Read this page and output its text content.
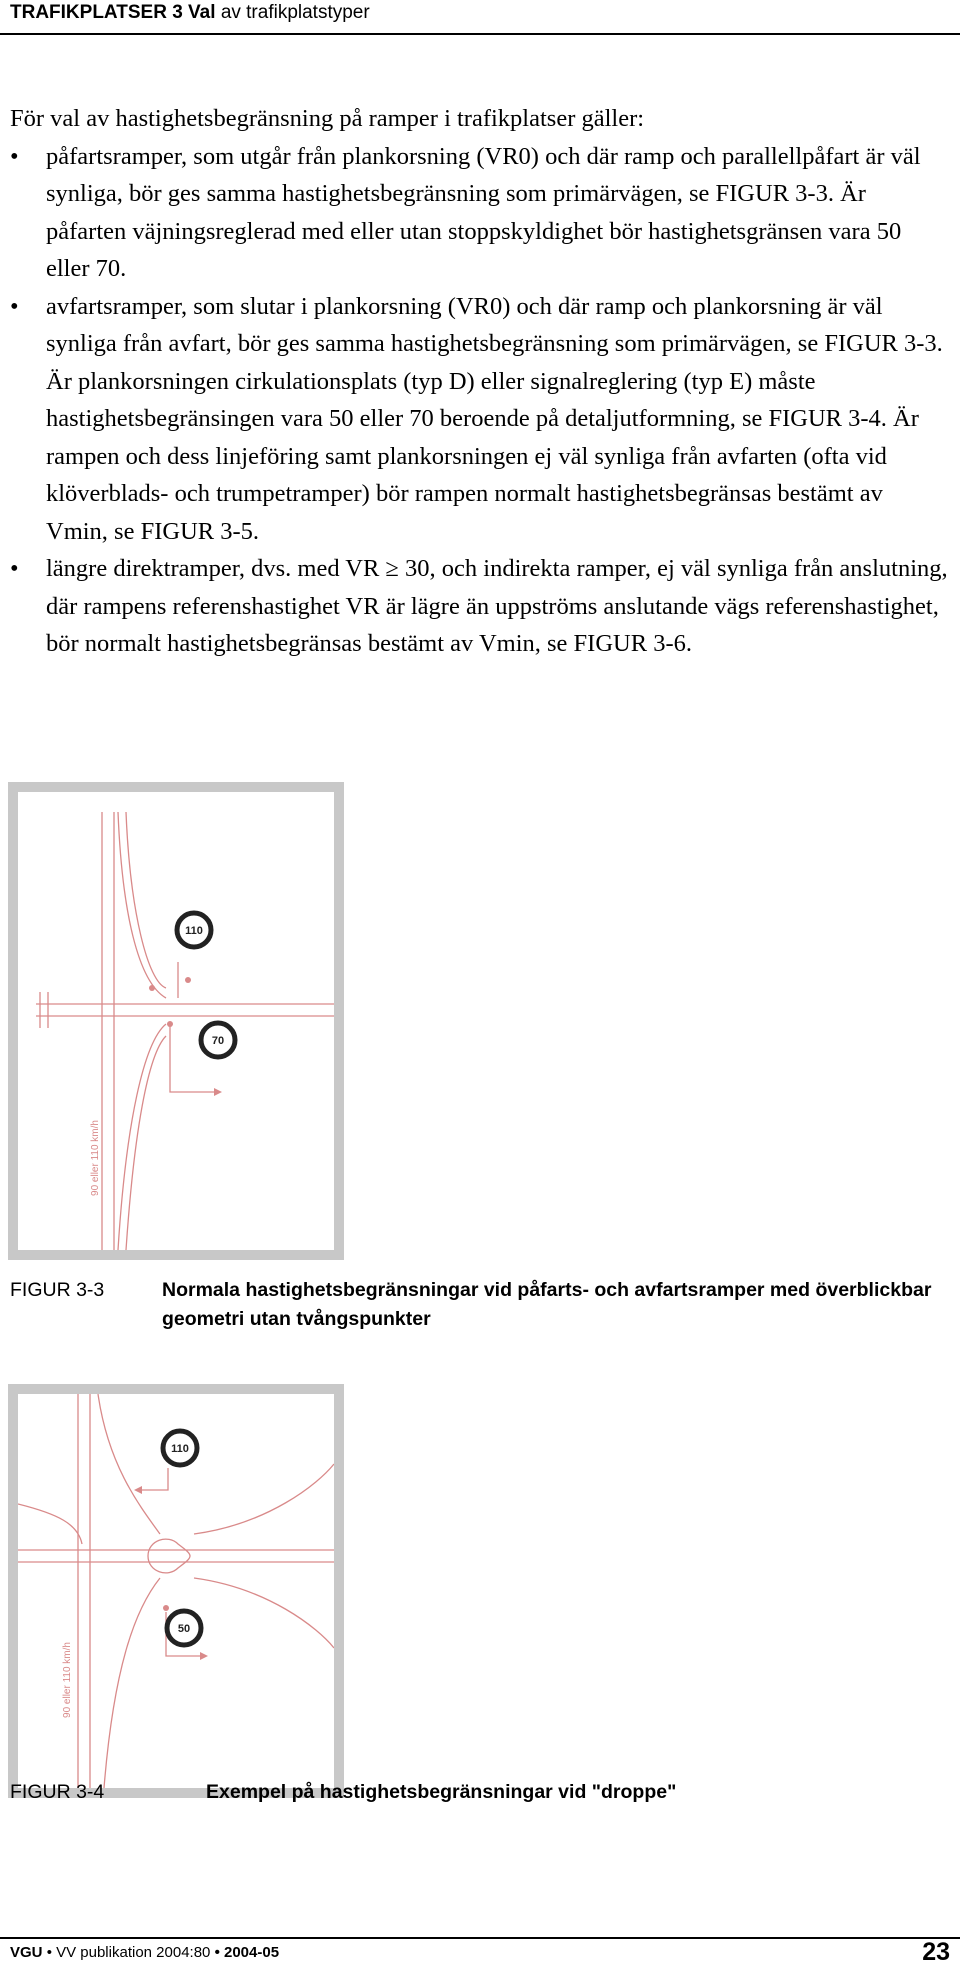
TRAFIKPLATSER 3 Val av trafikplatstyper

För val av hastighetsbegränsning på ramper i trafikplatser gäller:

•	påfartsramper, som utgår från plankorsning (VR0) och där ramp och parallellpåfart är väl synliga, bör ges samma hastighetsbegränsning som primärvägen, se FIGUR 3-3. Är påfarten väjningsreglerad med eller utan stoppskyldighet bör hastighetsgränsen vara 50 eller 70.
•	avfartsramper, som slutar i plankorsning (VR0) och där ramp och plankorsning är väl synliga från avfart, bör ges samma hastighetsbegränsning som primärvägen, se FIGUR 3-3. Är plankorsningen cirkulationsplats (typ D) eller signalreglering (typ E) måste hastighetsbegränsingen vara 50 eller 70 beroende på detaljutformning, se FIGUR 3-4. Är rampen och dess linjeföring samt plankorsningen ej väl synliga från avfarten (ofta vid klöverblads- och trumpetramper) bör rampen normalt hastighetsbegränsas bestämt av Vmin, se FIGUR 3-5.
•	längre direktramper, dvs. med VR ≥ 30, och indirekta ramper, ej väl synliga från anslutning, där rampens referenshastighet VR är lägre än uppströms anslutande vägs referenshastighet, bör normalt hastighetsbegränsas bestämt av Vmin, se FIGUR 3-6.
90 eller 110 km/h
110
70
FIGUR 3-3	Normala hastighetsbegränsningar vid påfarts- och avfartsramper med överblickbar geometri utan tvångspunkter
90 eller 110 km/h
110
50
FIGUR 3-4	Exempel på hastighetsbegränsningar vid "droppe"
VGU • VV publikation 2004:80 • 2004-05	23
